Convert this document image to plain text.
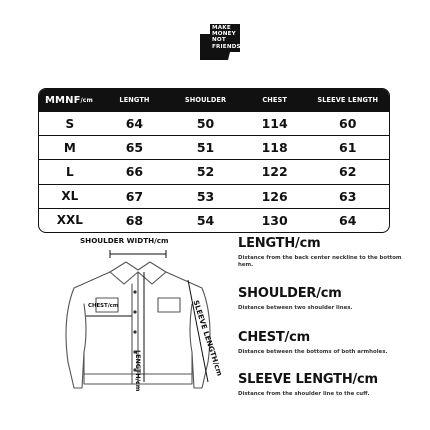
MAKE
MONEY
NOT
FRIENDS
MMNF /cm	LENGTH	SHOULDER	CHEST	SLEEVE LENGTH
S	64	50	114	60
M	65	51	118	61
L	66	52	122	62
XL	67	53	126	63
XXL	68	54	130	64
SHOULDER WIDTH/cm
CHEST/cm
LENGTH/cm	SLEEVE LENGTH/cm
LENGTH/cm
Distance from the back center neckline to the bottom hem.
SHOULDER/cm
Distance between two shoulder lines.
CHEST/cm
Distance between the bottoms of both armholes.
SLEEVE LENGTH/cm
Distance from the shoulder line to the cuff.
